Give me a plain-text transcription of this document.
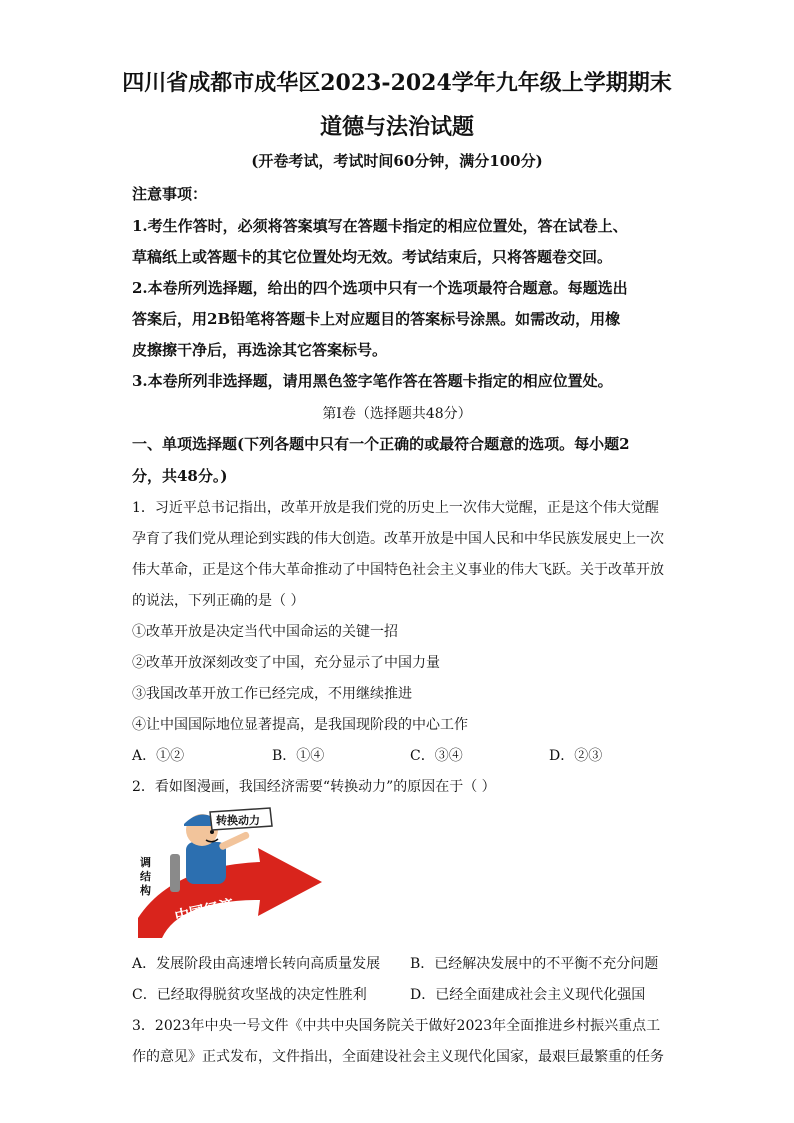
四川省成都市成华区2023-2024学年九年级上学期期末
道德与法治试题
(开卷考试，考试时间60分钟，满分100分)
注意事项：
1.考生作答时，必须将答案填写在答题卡指定的相应位置处，答在试卷上、
草稿纸上或答题卡的其它位置处均无效。考试结束后，只将答题卷交回。
2.本卷所列选择题，给出的四个选项中只有一个选项最符合题意。每题选出
答案后，用2B铅笔将答题卡上对应题目的答案标号涂黑。如需改动，用橡
皮擦擦干净后，再选涂其它答案标号。
3.本卷所列非选择题，请用黑色签字笔作答在答题卡指定的相应位置处。
第Ⅰ卷（选择题共48分）
一、单项选择题(下列各题中只有一个正确的或最符合题意的选项。每小题2
分，共48分。)
1．习近平总书记指出，改革开放是我们党的历史上一次伟大觉醒，正是这个伟大觉醒
孕育了我们党从理论到实践的伟大创造。改革开放是中国人民和中华民族发展史上一次
伟大革命，正是这个伟大革命推动了中国特色社会主义事业的伟大飞跃。关于改革开放
的说法，下列正确的是（ ）
①改革开放是决定当代中国命运的关键一招
②改革开放深刻改变了中国，充分显示了中国力量
③我国改革开放工作已经完成，不用继续推进
④让中国国际地位显著提高，是我国现阶段的中心工作
A．①②	B．①④	C．③④	D．②③
2．看如图漫画，我国经济需要“转换动力”的原因在于（ ）
转换动力
调
结
构
中国经济
A．发展阶段由高速增长转向高质量发展 B．已经解决发展中的不平衡不充分问题
C．已经取得脱贫攻坚战的决定性胜利	D．已经全面建成社会主义现代化强国
3．2023年中央一号文件《中共中央国务院关于做好2023年全面推进乡村振兴重点工
作的意见》正式发布，文件指出，全面建设社会主义现代化国家，最艰巨最繁重的任务
